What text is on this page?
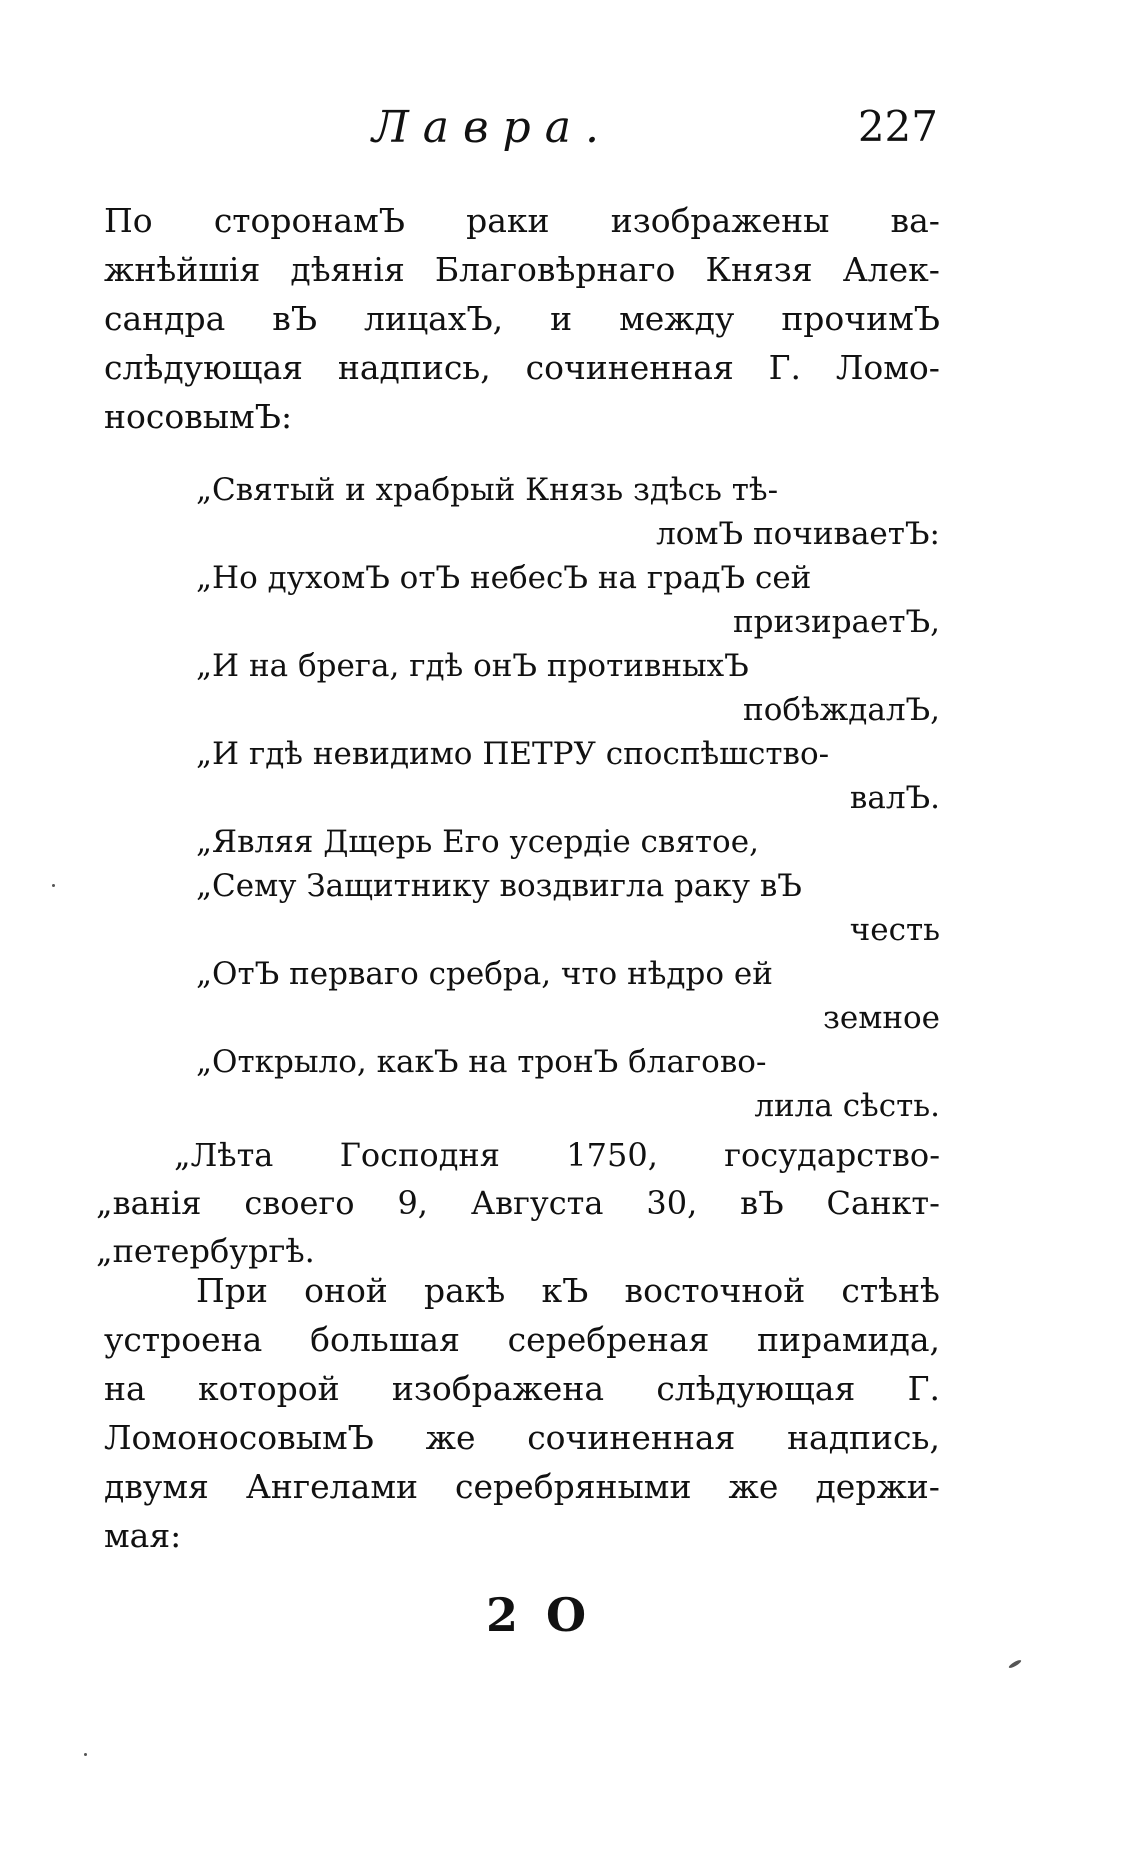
Лавра.	227
По сторонамЪ раки изображены ва-
жнѣйшія дѣянія Благовѣрнаго Князя Алек-
сандра вЪ лицахЪ, и между прочимЪ
слѣдующая надпись, сочиненная Г. Ломо-
носовымЪ:
„Святый и храбрый Князь здѣсь тѣ-
ломЪ почиваетЪ:
„Но духомЪ отЪ небесЪ на градЪ сей
призираетЪ,
„И на брега, гдѣ онЪ противныхЪ
побѣждалЪ,
„И гдѣ невидимо ПЕТРУ споспѣшство-
валЪ.
„Являя Дщерь Его усердіе святое,
„Сему Защитнику воздвигла раку вЪ
честь
„ОтЪ перваго сребра, что нѣдро ей
земное
„Открыло, какЪ на тронЪ благово-
лила сѣсть.
„Лѣта Господня 1750, государство-
„ванія своего 9, Августа 30, вЪ Санкт-
„петербургѣ.
При оной ракѣ кЪ восточной стѣнѣ
устроена большая серебреная пирамида,
на которой изображена слѣдующая Г.
ЛомоносовымЪ же сочиненная надпись,
двумя Ангелами серебряными же держи-
мая:
2 О
